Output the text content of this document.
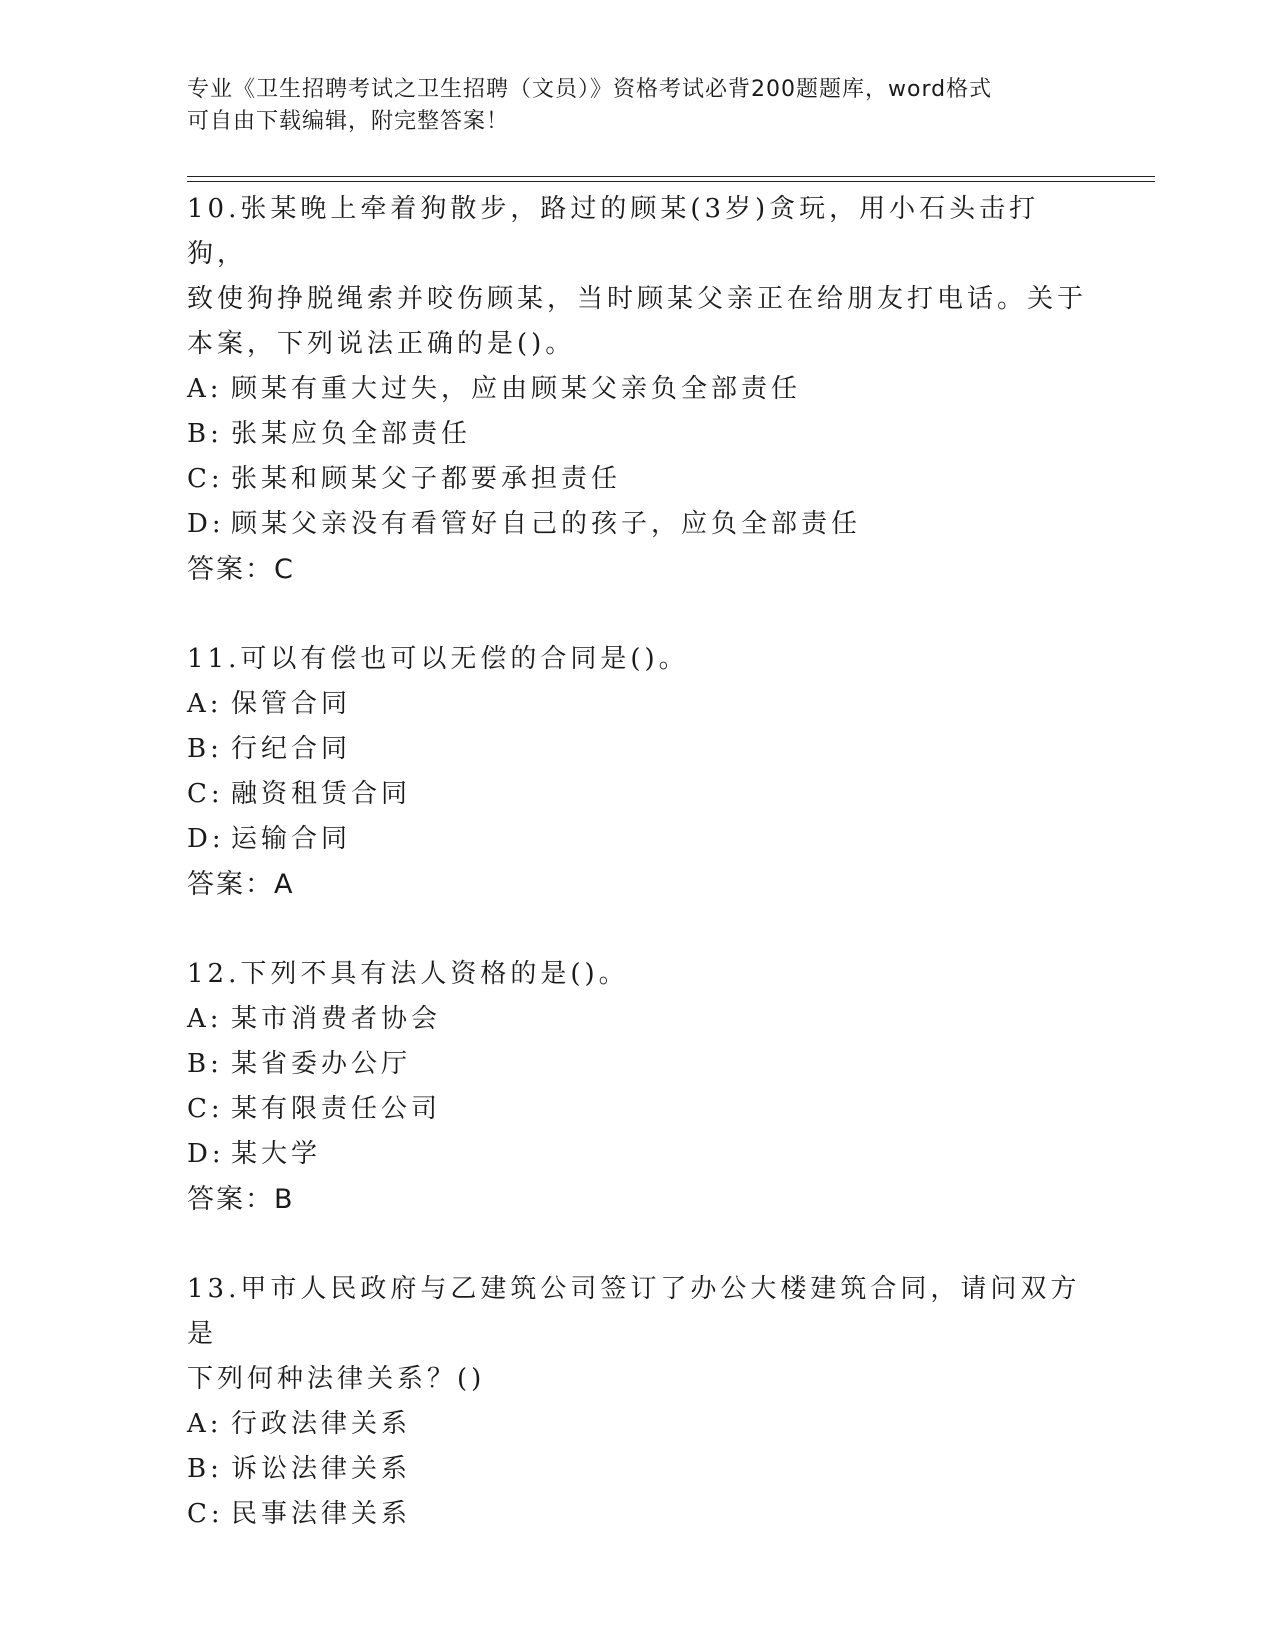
专业《卫生招聘考试之卫生招聘（文员）》资格考试必背200题题库，word格式
可自由下载编辑，附完整答案！
10.张某晚上牵着狗散步，路过的顾某(3岁)贪玩，用小石头击打狗，
致使狗挣脱绳索并咬伤顾某，当时顾某父亲正在给朋友打电话。关于
本案，下列说法正确的是()。
A: 顾某有重大过失，应由顾某父亲负全部责任
B: 张某应负全部责任
C: 张某和顾某父子都要承担责任
D: 顾某父亲没有看管好自己的孩子，应负全部责任
答案：C
11.可以有偿也可以无偿的合同是()。
A: 保管合同
B: 行纪合同
C: 融资租赁合同
D: 运输合同
答案：A
12.下列不具有法人资格的是()。
A: 某市消费者协会
B: 某省委办公厅
C: 某有限责任公司
D: 某大学
答案：B
13.甲市人民政府与乙建筑公司签订了办公大楼建筑合同，请问双方是
下列何种法律关系？()
A: 行政法律关系
B: 诉讼法律关系
C: 民事法律关系
